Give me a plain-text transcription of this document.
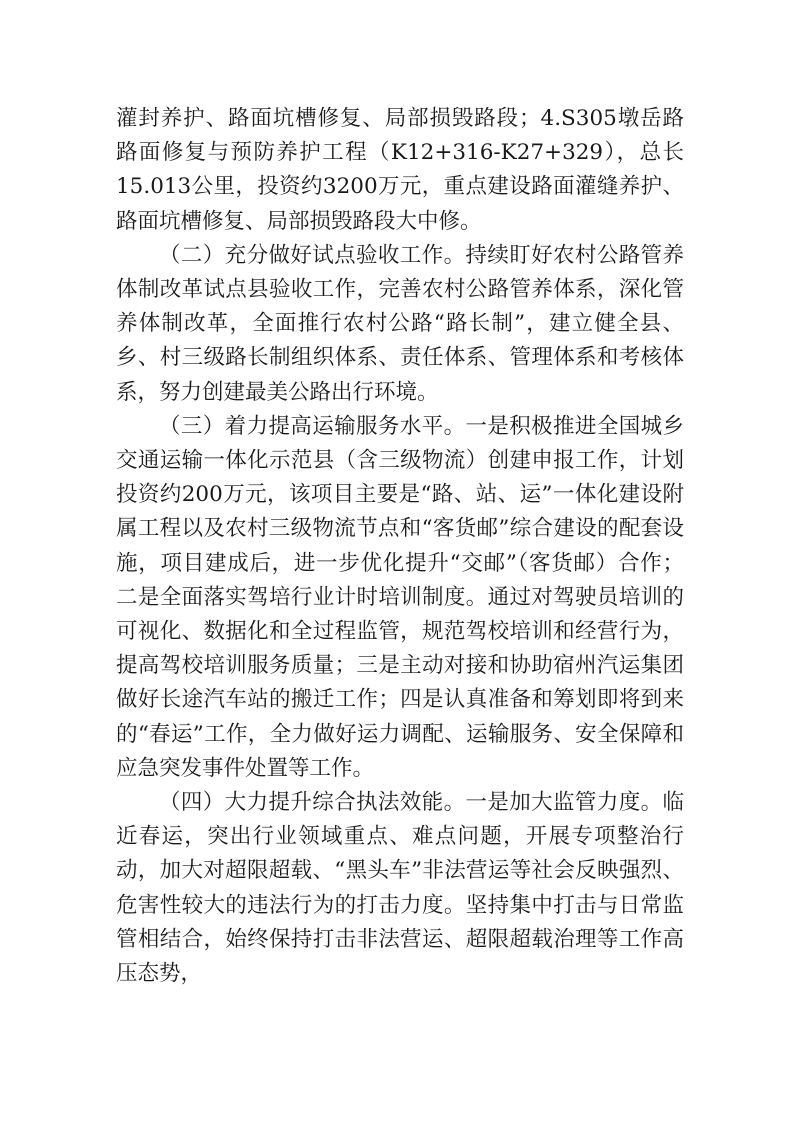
灌封养护、路面坑槽修复、局部损毁路段；4.S305墩岳路路面修复与预防养护工程（K12+316-K27+329），总长15.013公里，投资约3200万元，重点建设路面灌缝养护、路面坑槽修复、局部损毁路段大中修。

（二）充分做好试点验收工作。持续盯好农村公路管养体制改革试点县验收工作，完善农村公路管养体系，深化管养体制改革，全面推行农村公路“路长制”，建立健全县、乡、村三级路长制组织体系、责任体系、管理体系和考核体系，努力创建最美公路出行环境。

（三）着力提高运输服务水平。一是积极推进全国城乡交通运输一体化示范县（含三级物流）创建申报工作，计划投资约200万元，该项目主要是“路、站、运”一体化建设附属工程以及农村三级物流节点和“客货邮”综合建设的配套设施，项目建成后，进一步优化提升“交邮”（客货邮）合作；二是全面落实驾培行业计时培训制度。通过对驾驶员培训的可视化、数据化和全过程监管，规范驾校培训和经营行为，提高驾校培训服务质量；三是主动对接和协助宿州汽运集团做好长途汽车站的搬迁工作；四是认真准备和筹划即将到来的“春运”工作，全力做好运力调配、运输服务、安全保障和应急突发事件处置等工作。

（四）大力提升综合执法效能。一是加大监管力度。临近春运，突出行业领域重点、难点问题，开展专项整治行动，加大对超限超载、“黑头车”非法营运等社会反映强烈、危害性较大的违法行为的打击力度。坚持集中打击与日常监管相结合，始终保持打击非法营运、超限超载治理等工作高压态势，
